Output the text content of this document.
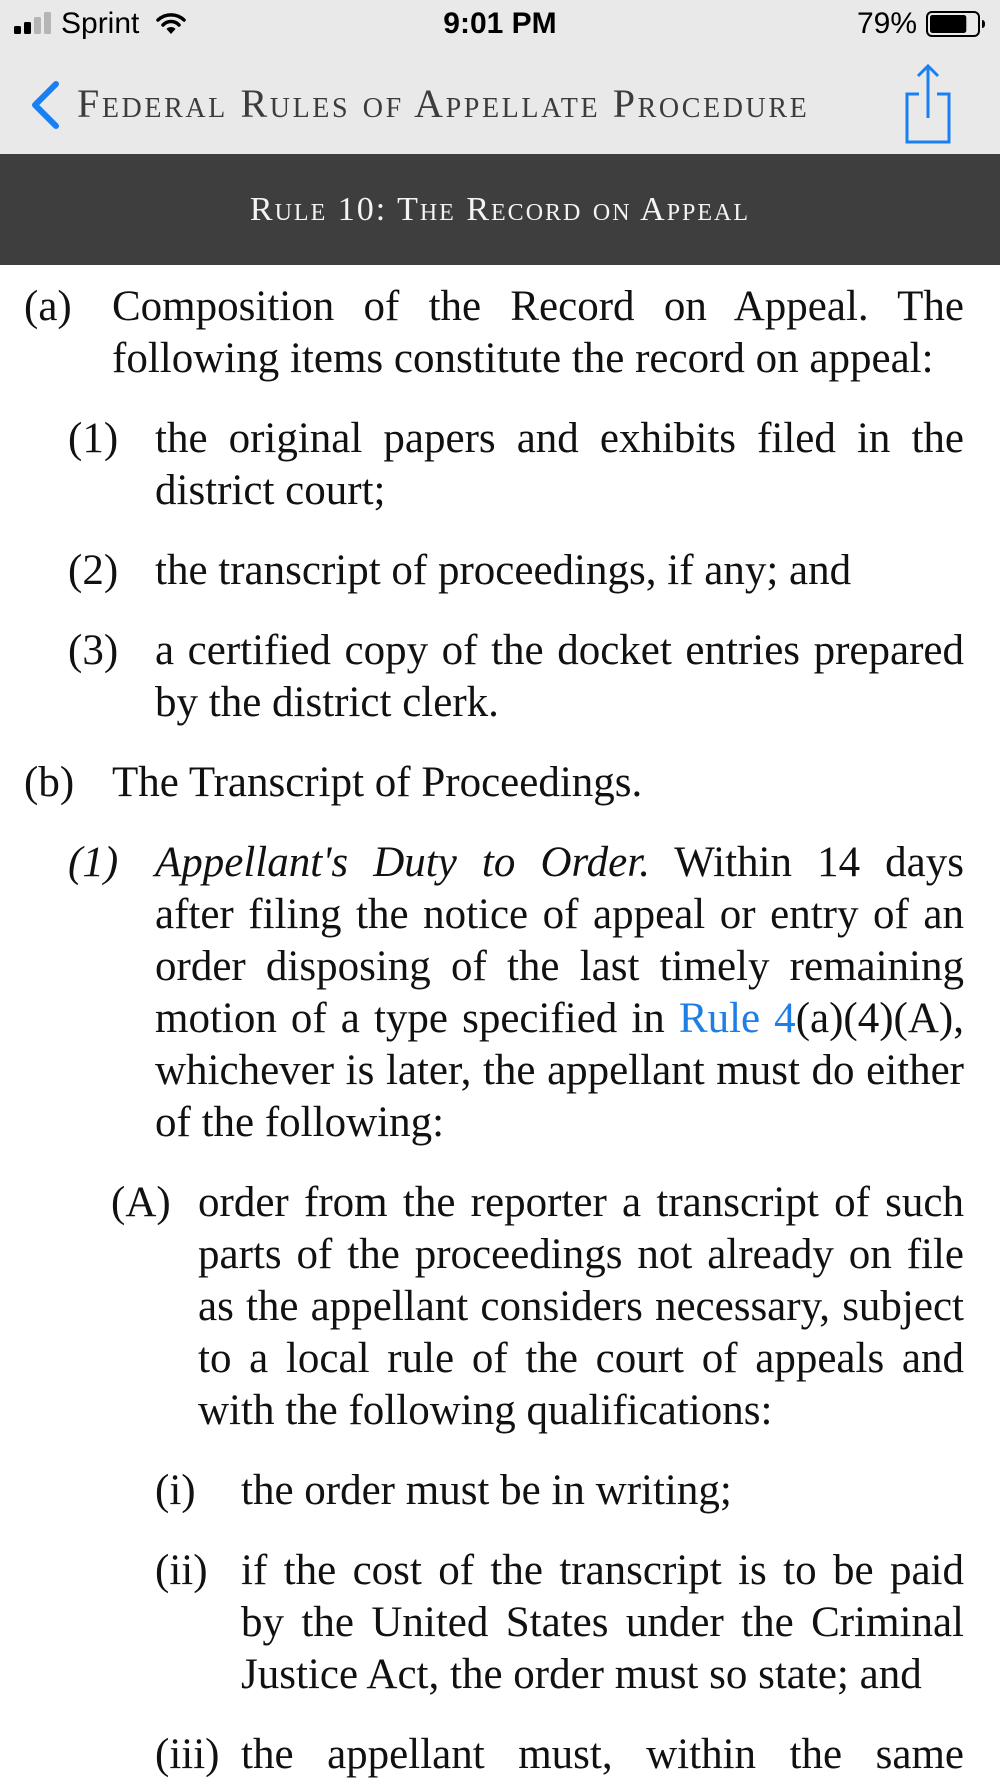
Sprint	9:01 PM	79%
Federal Rules of Appellate Procedure
Rule 10: The Record on Appeal
(a) Composition of the Record on Appeal. The following items constitute the record on appeal:
(1) the original papers and exhibits filed in the district court;
(2) the transcript of proceedings, if any; and
(3) a certified copy of the docket entries prepared by the district clerk.
(b) The Transcript of Proceedings.
(1) Appellant's Duty to Order. Within 14 days after filing the notice of appeal or entry of an order disposing of the last timely remaining motion of a type specified in Rule 4(a)(4)(A), whichever is later, the appellant must do either of the following:
(A) order from the reporter a transcript of such parts of the proceedings not already on file as the appellant considers necessary, subject to a local rule of the court of appeals and with the following qualifications:
(i) the order must be in writing;
(ii) if the cost of the transcript is to be paid by the United States under the Criminal Justice Act, the order must so state; and
(iii) the appellant must, within the same
